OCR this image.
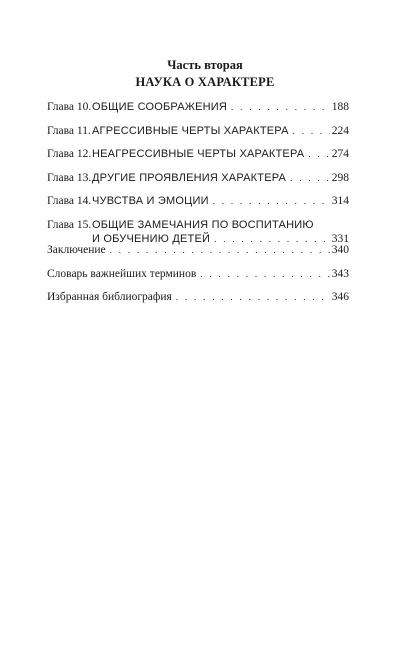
Часть вторая
НАУКА О ХАРАКТЕРЕ
Глава 10. ОБЩИЕ СООБРАЖЕНИЯ . . .	188
Глава 11. АГРЕССИВНЫЕ ЧЕРТЫ ХАРАКТЕРА . . .	224
Глава 12. НЕАГРЕССИВНЫЕ ЧЕРТЫ ХАРАКТЕРА . . . 274
Глава 13. ДРУГИЕ ПРОЯВЛЕНИЯ ХАРАКТЕРА . . .	298
Глава 14. ЧУВСТВА И ЭМОЦИИ . . .	314
Глава 15. ОБЩИЕ ЗАМЕЧАНИЯ ПО ВОСПИТАНИЮ
И ОБУЧЕНИЮ ДЕТЕЙ . . .	331
Заключение . . .	340
Словарь важнейших терминов . . .	343
Избранная библиография . . .	346
